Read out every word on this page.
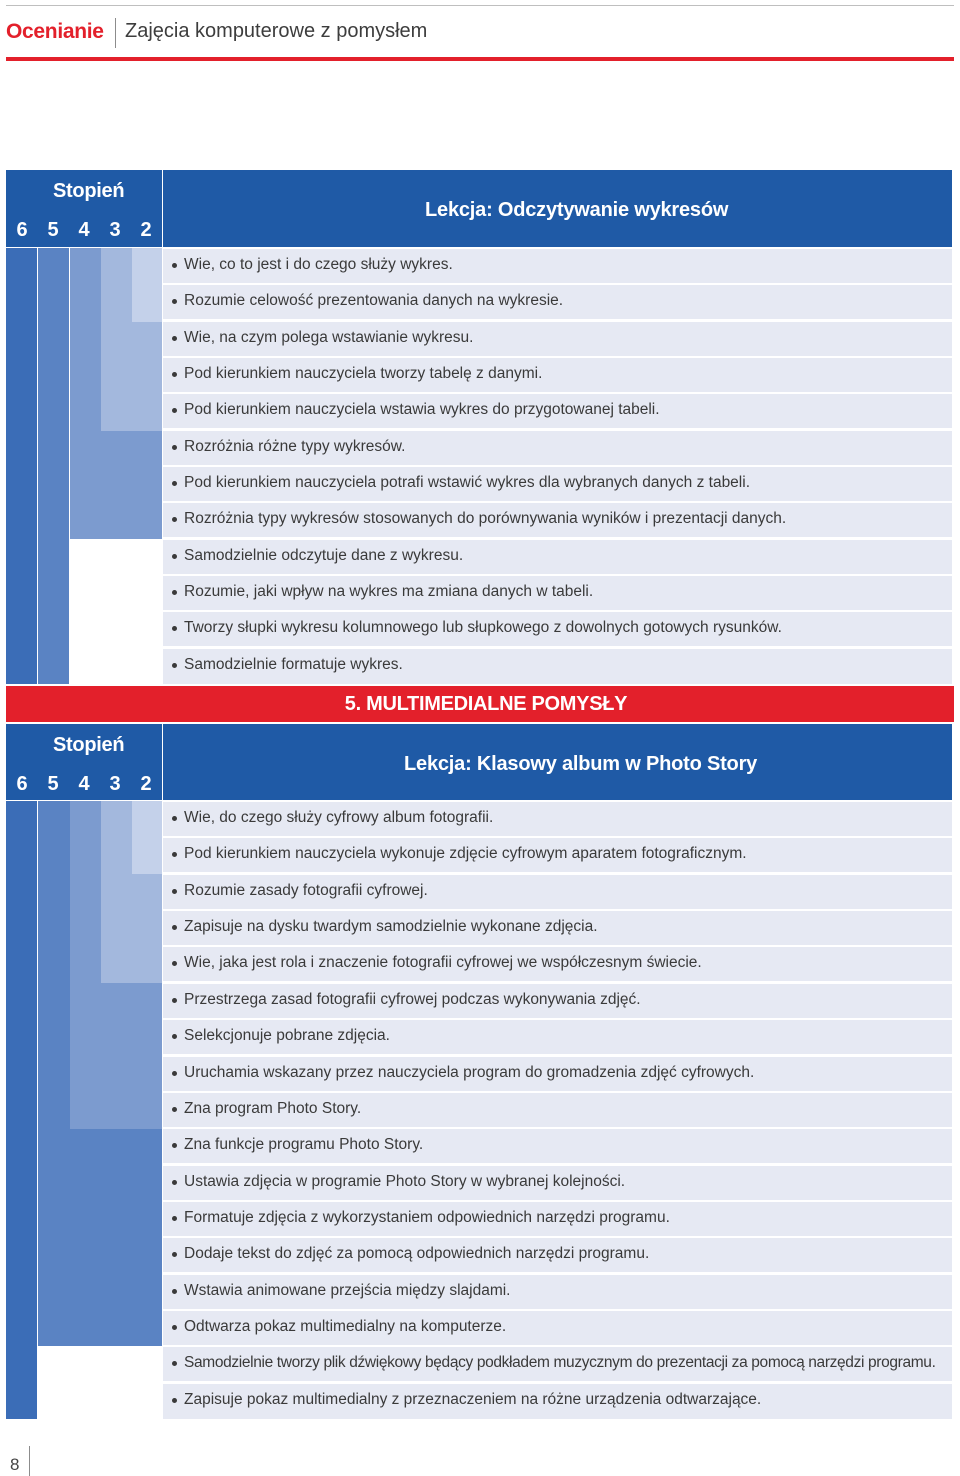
Ocenianie Zajęcia komputerowe z pomysłem
Stopień
6 5 4 3 2
Lekcja: Odczytywanie wykresów
Wie, co to jest i do czego służy wykres.
Rozumie celowość prezentowania danych na wykresie.
Wie, na czym polega wstawianie wykresu.
Pod kierunkiem nauczyciela tworzy tabelę z danymi.
Pod kierunkiem nauczyciela wstawia wykres do przygotowanej tabeli.
Rozróżnia różne typy wykresów.
Pod kierunkiem nauczyciela potrafi wstawić wykres dla wybranych danych z tabeli.
Rozróżnia typy wykresów stosowanych do porównywania wyników i prezentacji danych.
Samodzielnie odczytuje dane z wykresu.
Rozumie, jaki wpływ na wykres ma zmiana danych w tabeli.
Tworzy słupki wykresu kolumnowego lub słupkowego z dowolnych gotowych rysunków.
Samodzielnie formatuje wykres.
5. MULTIMEDIALNE POMYSŁY
Stopień
6 5 4 3 2
Lekcja: Klasowy album w Photo Story
Wie, do czego służy cyfrowy album fotografii.
Pod kierunkiem nauczyciela wykonuje zdjęcie cyfrowym aparatem fotograficznym.
Rozumie zasady fotografii cyfrowej.
Zapisuje na dysku twardym samodzielnie wykonane zdjęcia.
Wie, jaka jest rola i znaczenie fotografii cyfrowej we współczesnym świecie.
Przestrzega zasad fotografii cyfrowej podczas wykonywania zdjęć.
Selekcjonuje pobrane zdjęcia.
Uruchamia wskazany przez nauczyciela program do gromadzenia zdjęć cyfrowych.
Zna program Photo Story.
Zna funkcje programu Photo Story.
Ustawia zdjęcia w programie Photo Story w wybranej kolejności.
Formatuje zdjęcia z wykorzystaniem odpowiednich narzędzi programu.
Dodaje tekst do zdjęć za pomocą odpowiednich narzędzi programu.
Wstawia animowane przejścia między slajdami.
Odtwarza pokaz multimedialny na komputerze.
Samodzielnie tworzy plik dźwiękowy będący podkładem muzycznym do prezentacji za pomocą narzędzi programu.
Zapisuje pokaz multimedialny z przeznaczeniem na różne urządzenia odtwarzające.
8
